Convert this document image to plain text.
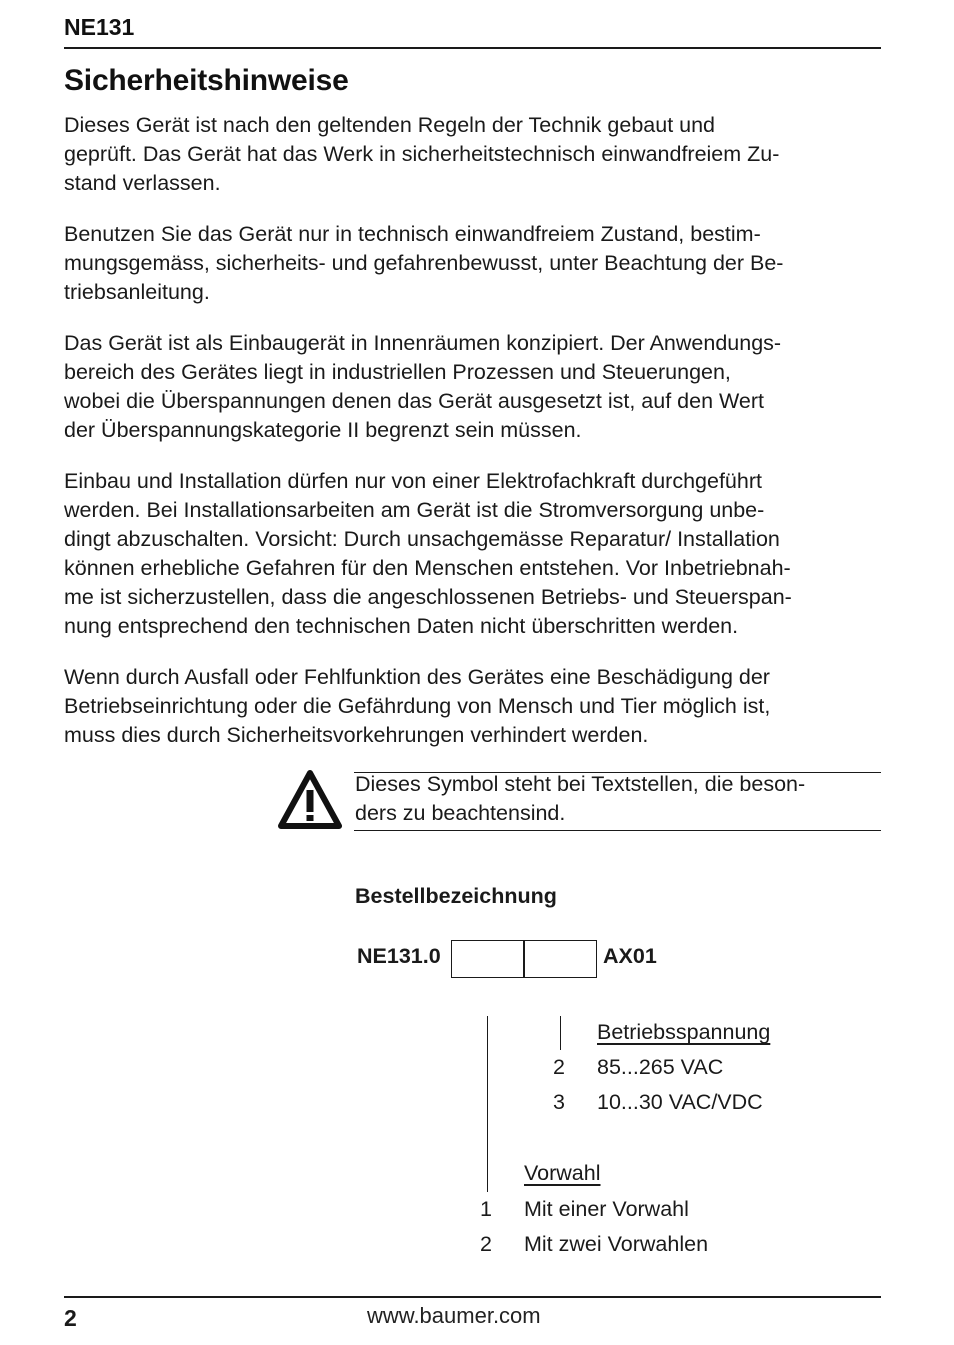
NE131
Sicherheitshinweise

Dieses Gerät ist nach den geltenden Regeln der Technik gebaut und
geprüft. Das Gerät hat das Werk in sicherheitstechnisch einwandfreiem Zu-
stand verlassen.

Benutzen Sie das Gerät nur in technisch einwandfreiem Zustand, bestim-
mungsgemäss, sicherheits- und gefahrenbewusst, unter Beachtung der Be-
triebsanleitung.

Das Gerät ist als Einbaugerät in Innenräumen konzipiert. Der Anwendungs-
bereich des Gerätes liegt in industriellen Prozessen und Steuerungen,
wobei die Überspannungen denen das Gerät ausgesetzt ist, auf den Wert
der Überspannungskategorie II begrenzt sein müssen.

Einbau und Installation dürfen nur von einer Elektrofachkraft durchgeführt
werden. Bei Installationsarbeiten am Gerät ist die Stromversorgung unbe-
dingt abzuschalten. Vorsicht: Durch unsachgemässe Reparatur/ Installation
können erhebliche Gefahren für den Menschen entstehen. Vor Inbetriebnah-
me ist sicherzustellen, dass die angeschlossenen Betriebs- und Steuerspan-
nung entsprechend den technischen Daten nicht überschritten werden.

Wenn durch Ausfall oder Fehlfunktion des Gerätes eine Beschädigung der
Betriebseinrichtung oder die Gefährdung von Mensch und Tier möglich ist,
muss dies durch Sicherheitsvorkehrungen verhindert werden.

Dieses Symbol steht bei Textstellen, die beson-
ders zu beachtensind.
Bestellbezeichnung
NE131.0	AX01
Betriebsspannung
2 85...265 VAC
3 10...30 VAC/VDC
Vorwahl
1 Mit einer Vorwahl
2 Mit zwei Vorwahlen
2	www.baumer.com
